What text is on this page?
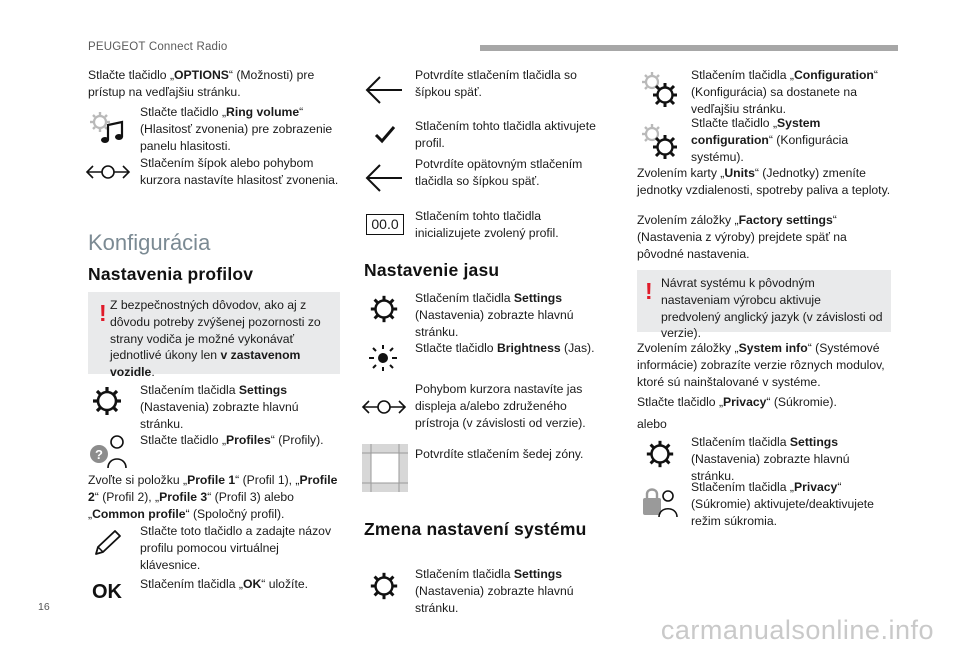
PEUGEOT Connect Radio
Stlačte tlačidlo „OPTIONS“ (Možnosti) pre prístup na vedľajšiu stránku.
Stlačte tlačidlo „Ring volume“ (Hlasitosť zvonenia) pre zobrazenie panelu hlasitosti.
Stlačením šípok alebo pohybom kurzora nastavíte hlasitosť zvonenia.
Konfigurácia
Nastavenia profilov
! Z bezpečnostných dôvodov, ako aj z dôvodu potreby zvýšenej pozornosti zo strany vodiča je možné vykonávať jednotlivé úkony len v zastavenom vozidle.
Stlačením tlačidla Settings (Nastavenia) zobrazte hlavnú stránku.
?
Stlačte tlačidlo „Profiles“ (Profily).
Zvoľte si položku „Profile 1“ (Profil 1), „Profile 2“ (Profil 2), „Profile 3“ (Profil 3) alebo „Common profile“ (Spoločný profil).
Stlačte toto tlačidlo a zadajte názov profilu pomocou virtuálnej klávesnice.
OK Stlačením tlačidla „OK“ uložíte.
Potvrdíte stlačením tlačidla so šípkou späť.
Stlačením tohto tlačidla aktivujete profil.
Potvrdíte opätovným stlačením tlačidla so šípkou späť.
00.0	Stlačením tohto tlačidla inicializujete zvolený profil.
Nastavenie jasu
Stlačením tlačidla Settings (Nastavenia) zobrazte hlavnú stránku.
Stlačte tlačidlo Brightness (Jas).
Pohybom kurzora nastavíte jas displeja a/alebo združeného prístroja (v závislosti od verzie).
Potvrdíte stlačením šedej zóny.
Zmena nastavení systému
Stlačením tlačidla Settings (Nastavenia) zobrazte hlavnú stránku.
Stlačením tlačidla „Configuration“ (Konfigurácia) sa dostanete na vedľajšiu stránku.
Stlačte tlačidlo „System configuration“ (Konfigurácia systému).
Zvolením karty „Units“ (Jednotky) zmeníte jednotky vzdialenosti, spotreby paliva a teploty.
Zvolením záložky „Factory settings“ (Nastavenia z výroby) prejdete späť na pôvodné nastavenia.
! Návrat systému k pôvodným nastaveniam výrobcu aktivuje predvolený anglický jazyk (v závislosti od verzie).
Zvolením záložky „System info“ (Systémové informácie) zobrazíte verzie rôznych modulov, ktoré sú nainštalované v systéme.
Stlačte tlačidlo „Privacy“ (Súkromie).
alebo
Stlačením tlačidla Settings (Nastavenia) zobrazte hlavnú stránku.
Stlačením tlačidla „Privacy“ (Súkromie) aktivujete/deaktivujete režim súkromia.
16
carmanualsonline.info
